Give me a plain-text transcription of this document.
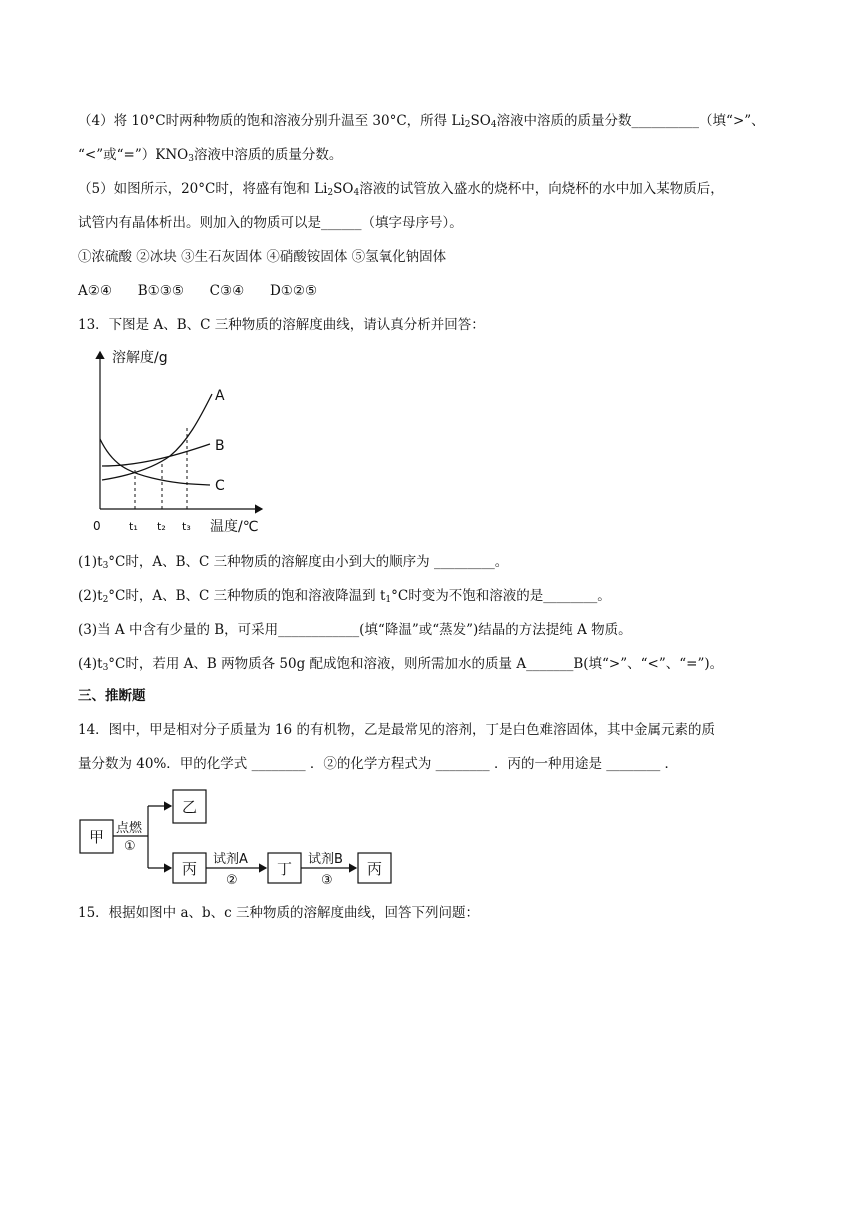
（4）将 10°C时两种物质的饱和溶液分别升温至 30°C，所得 $Li_2SO_4$溶液中溶质的质量分数__________（填“>”、
“<”或“$=”)KNO_3$溶液中溶质的质量分数。
（5）如图所示，20°C时，将盛有饱和 $Li_2SO_4$溶液的试管放入盛水的烧杯中，向烧杯的水中加入某物质后，
试管内有晶体析出。则加入的物质可以是______（填字母序号）。
①浓硫酸 ②冰块 ③生石灰固体 ④硝酸铵固体 ⑤氢氧化钠固体
A②④      B①③⑤      C③④      D①②⑤
13．下图是 A、B、C 三种物质的溶解度曲线，请认真分析并回答：
溶解度/g
温度/℃
0	t₁ t₂ t₃
A
B
C
$(1)t_3^\circ C$时，A、B、C 三种物质的溶解度由小到大的顺序为 _________。
$(2)t_2^\circ C$时，A、B、C 三种物质的饱和溶液降温到 $t_1^\circ C$时变为不饱和溶液的是________。
(3)当 A 中含有少量的 B，可采用____________(填“降温”或“蒸发”)结晶的方法提纯 A 物质。
$(4)t_3^\circ C$时，若用 A、B 两物质各 50g 配成饱和溶液，则所需加水的质量 A_______B(填“>”、“<”、“=”)。
三、推断题
14．图中，甲是相对分子质量为 16 的有机物，乙是最常见的溶剂，丁是白色难溶固体，其中金属元素的质
量分数为 40%．甲的化学式 ________ ．②的化学方程式为 ________ ．丙的一种用途是 ________ ．
甲
乙
丙	丁	丙
点燃
①
试剂A
②
试剂B
③
15．根据如图中 a、b、c 三种物质的溶解度曲线，回答下列问题：
